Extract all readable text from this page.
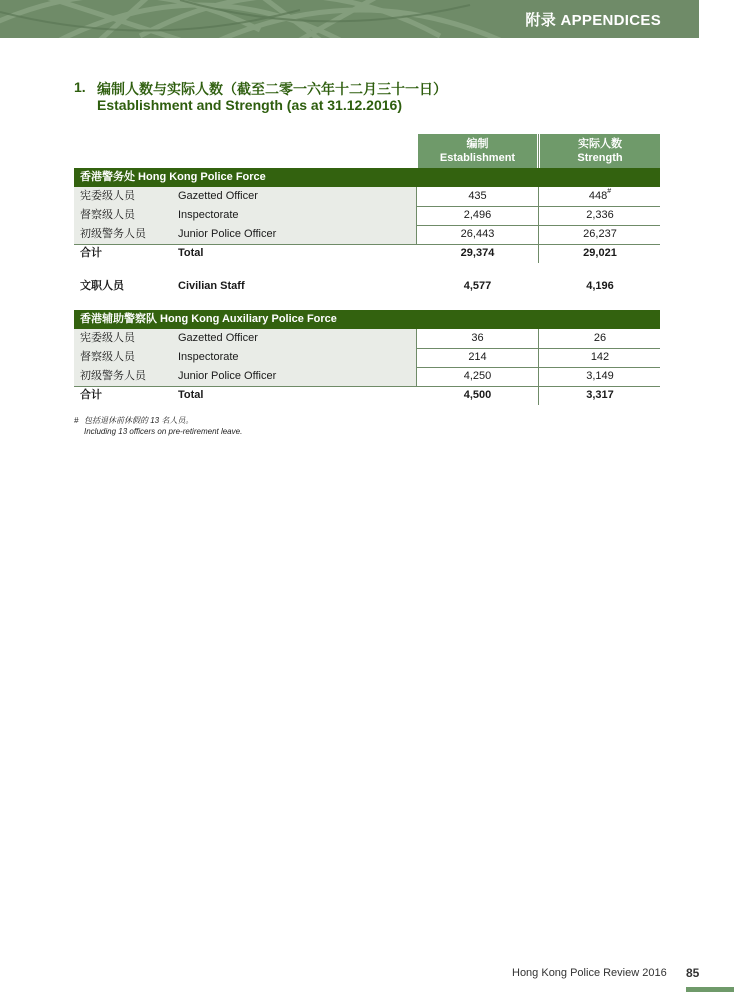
附录 APPENDICES
1. 编制人数与实际人数（截至二零一六年十二月三十一日）
Establishment and Strength (as at 31.12.2016)
编制
Establishment
实际人数
Strength
香港警务处 Hong Kong Police Force
宪委级人员	Gazetted Officer	435	448#
督察级人员	Inspectorate	2,496	2,336
初级警务人员	Junior Police Officer	26,443	26,237
合计	Total	29,374	29,021
文职人员	Civilian Staff	4,577	4,196
香港辅助警察队 Hong Kong Auxiliary Police Force
宪委级人员	Gazetted Officer	36	26
督察级人员	Inspectorate	214	142
初级警务人员	Junior Police Officer	4,250	3,149
合计	Total	4,500	3,317
# 包括退休前休假的 13 名人员。
Including 13 officers on pre-retirement leave.
Hong Kong Police Review 2016 85
